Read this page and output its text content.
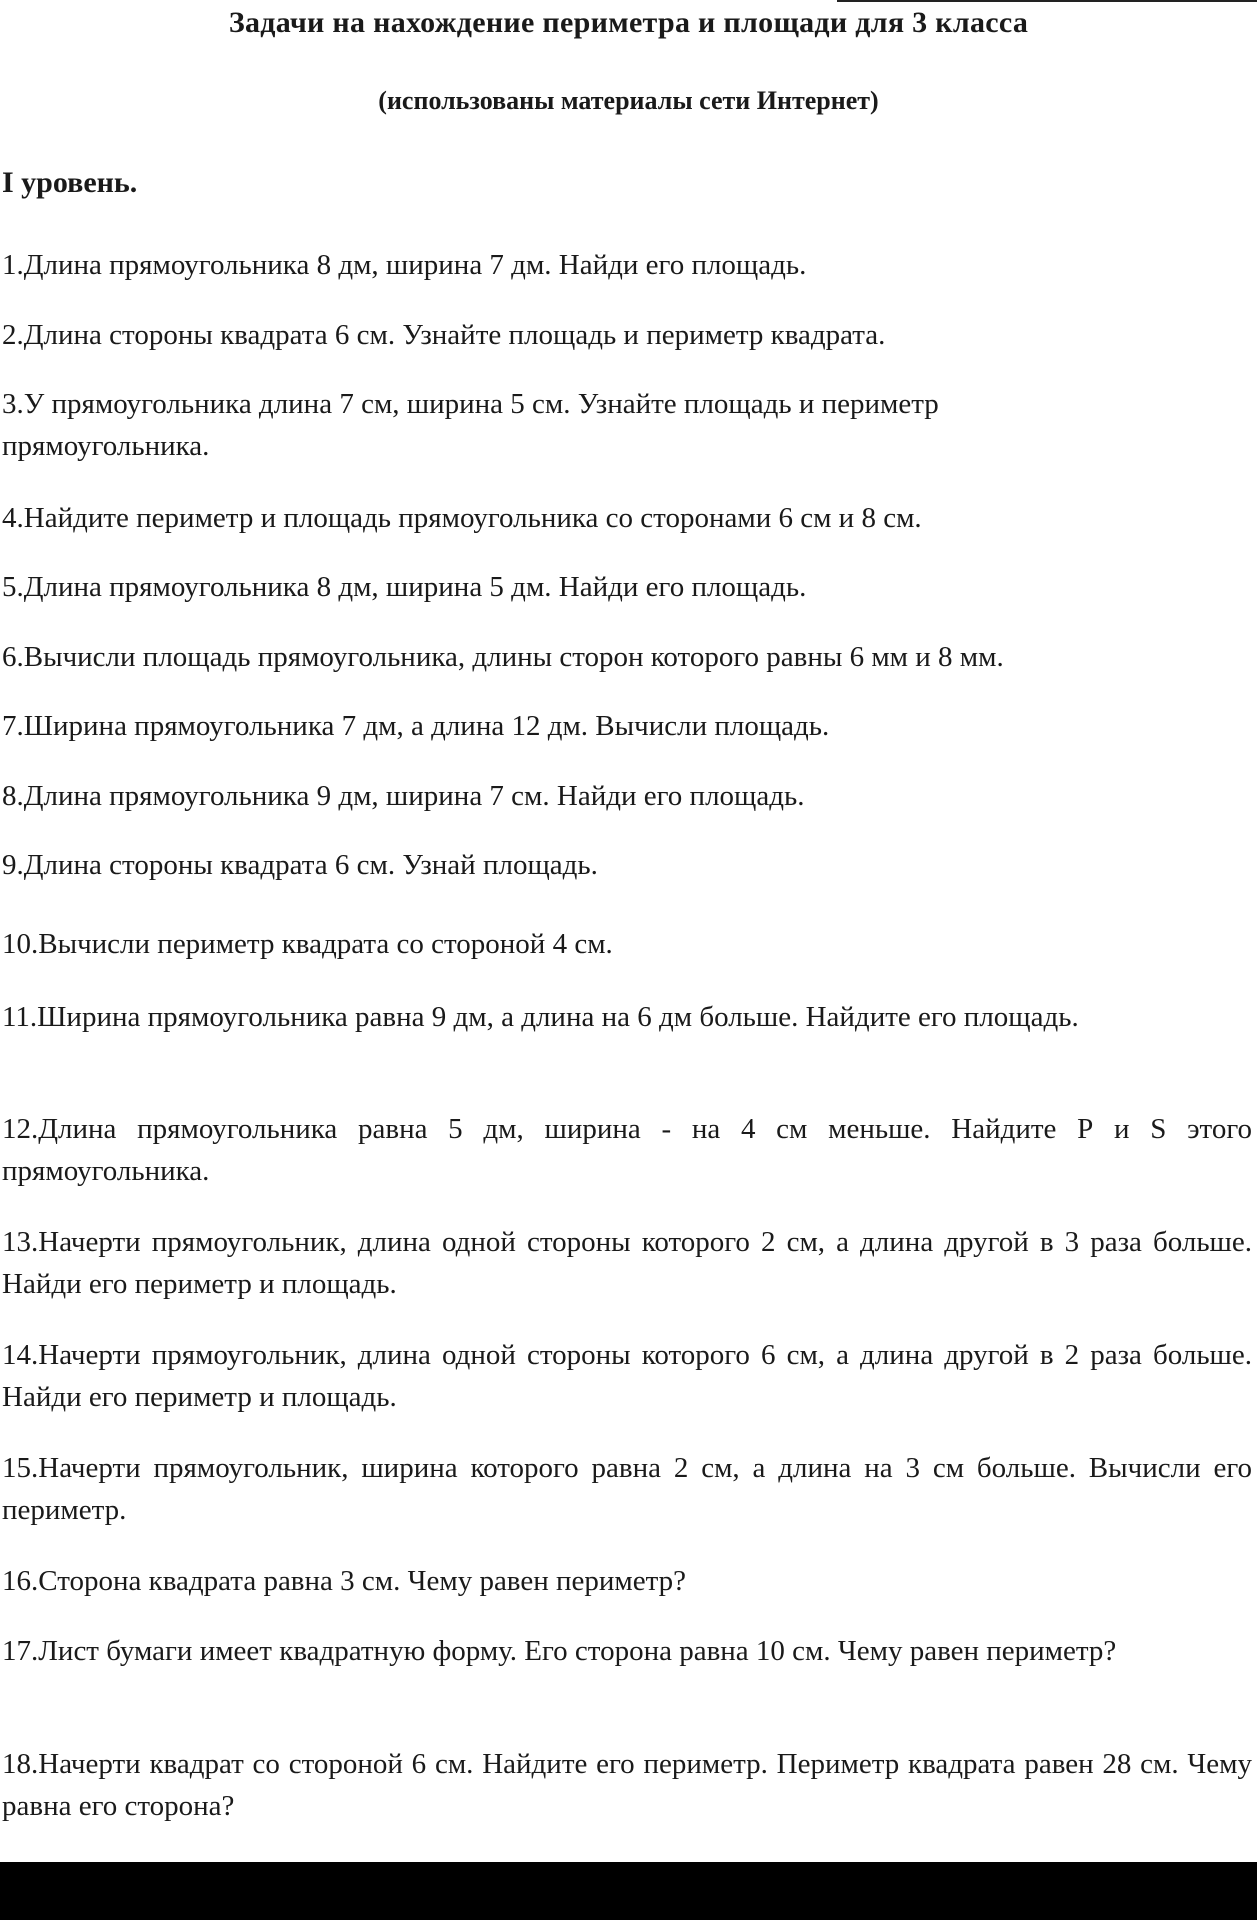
Задачи на нахождение периметра и площади для 3 класса
(использованы материалы сети Интернет)
I уровень.

1.Длина прямоугольника 8 дм, ширина 7 дм. Найди его площадь.

2.Длина стороны квадрата 6 см. Узнайте площадь и периметр квадрата.

3.У прямоугольника длина 7 см, ширина 5 см. Узнайте площадь и периметр прямоугольника.

4.Найдите периметр и площадь прямоугольника со сторонами 6 см и 8 см.

5.Длина прямоугольника 8 дм, ширина 5 дм. Найди его площадь.

6.Вычисли площадь прямоугольника, длины сторон которого равны 6 мм и 8 мм.

7.Ширина прямоугольника 7 дм, а длина 12 дм. Вычисли площадь.

8.Длина прямоугольника 9 дм, ширина 7 см. Найди его площадь.

9.Длина стороны квадрата 6 см. Узнай площадь.

10.Вычисли периметр квадрата со стороной 4 см.

11.Ширина прямоугольника равна 9 дм, а длина на 6 дм больше. Найдите его площадь.

12.Длина прямоугольника равна 5 дм, ширина - на 4 см меньше. Найдите Р и S этого прямоугольника.

13.Начерти прямоугольник, длина одной стороны которого 2 см, а длина другой в 3 раза больше. Найди его периметр и площадь.

14.Начерти прямоугольник, длина одной стороны которого 6 см, а длина другой в 2 раза больше. Найди его периметр и площадь.

15.Начерти прямоугольник, ширина которого равна 2 см, а длина на 3 см больше. Вычисли его периметр.

16.Сторона квадрата равна 3 см. Чему равен периметр?

17.Лист бумаги имеет квадратную форму. Его сторона равна 10 см. Чему равен периметр?

18.Начерти квадрат со стороной 6 см. Найдите его периметр. Периметр квадрата равен 28 см. Чему равна его сторона?
